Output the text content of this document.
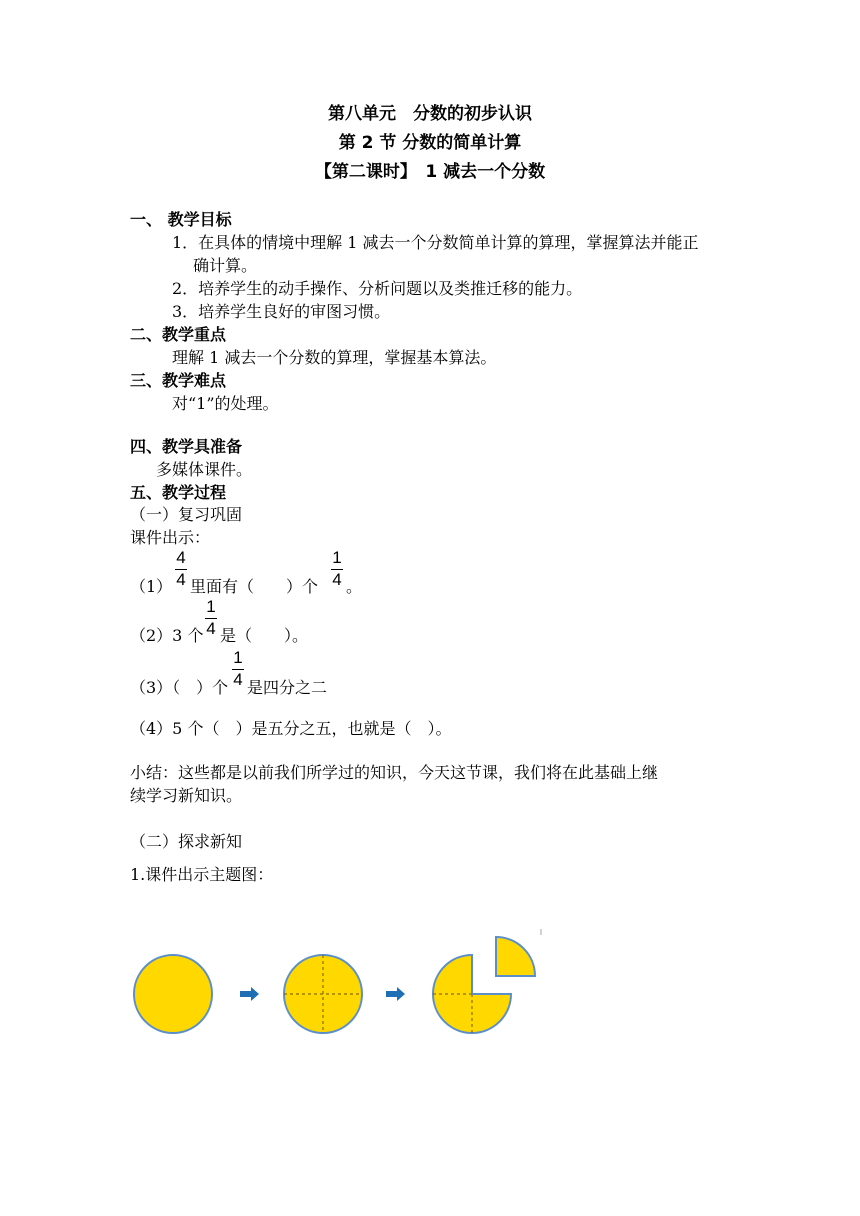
第八单元　分数的初步认识
第 2 节 分数的简单计算
【第二课时】　1 减去一个分数
一、 教学目标
1．在具体的情境中理解 1 减去一个分数简单计算的算理，掌握算法并能正
确计算。
2．培养学生的动手操作、分析问题以及类推迁移的能力。
3．培养学生良好的审图习惯。
二、教学重点
理解 1 减去一个分数的算理，掌握基本算法。
三、教学难点
对“1”的处理。
四、教学具准备
多媒体课件。
五、教学过程
（一）复习巩固
课件出示：
（1）
4
4 里面有（　　）个
1
4 。
（2）3 个
1
4 是（　　）。
（3）（　）个
1
4 是四分之二
（4）5 个（　）是五分之五，也就是（　）。
小结：这些都是以前我们所学过的知识，今天这节课，我们将在此基础上继
续学习新知识。
（二）探求新知
1.课件出示主题图：
